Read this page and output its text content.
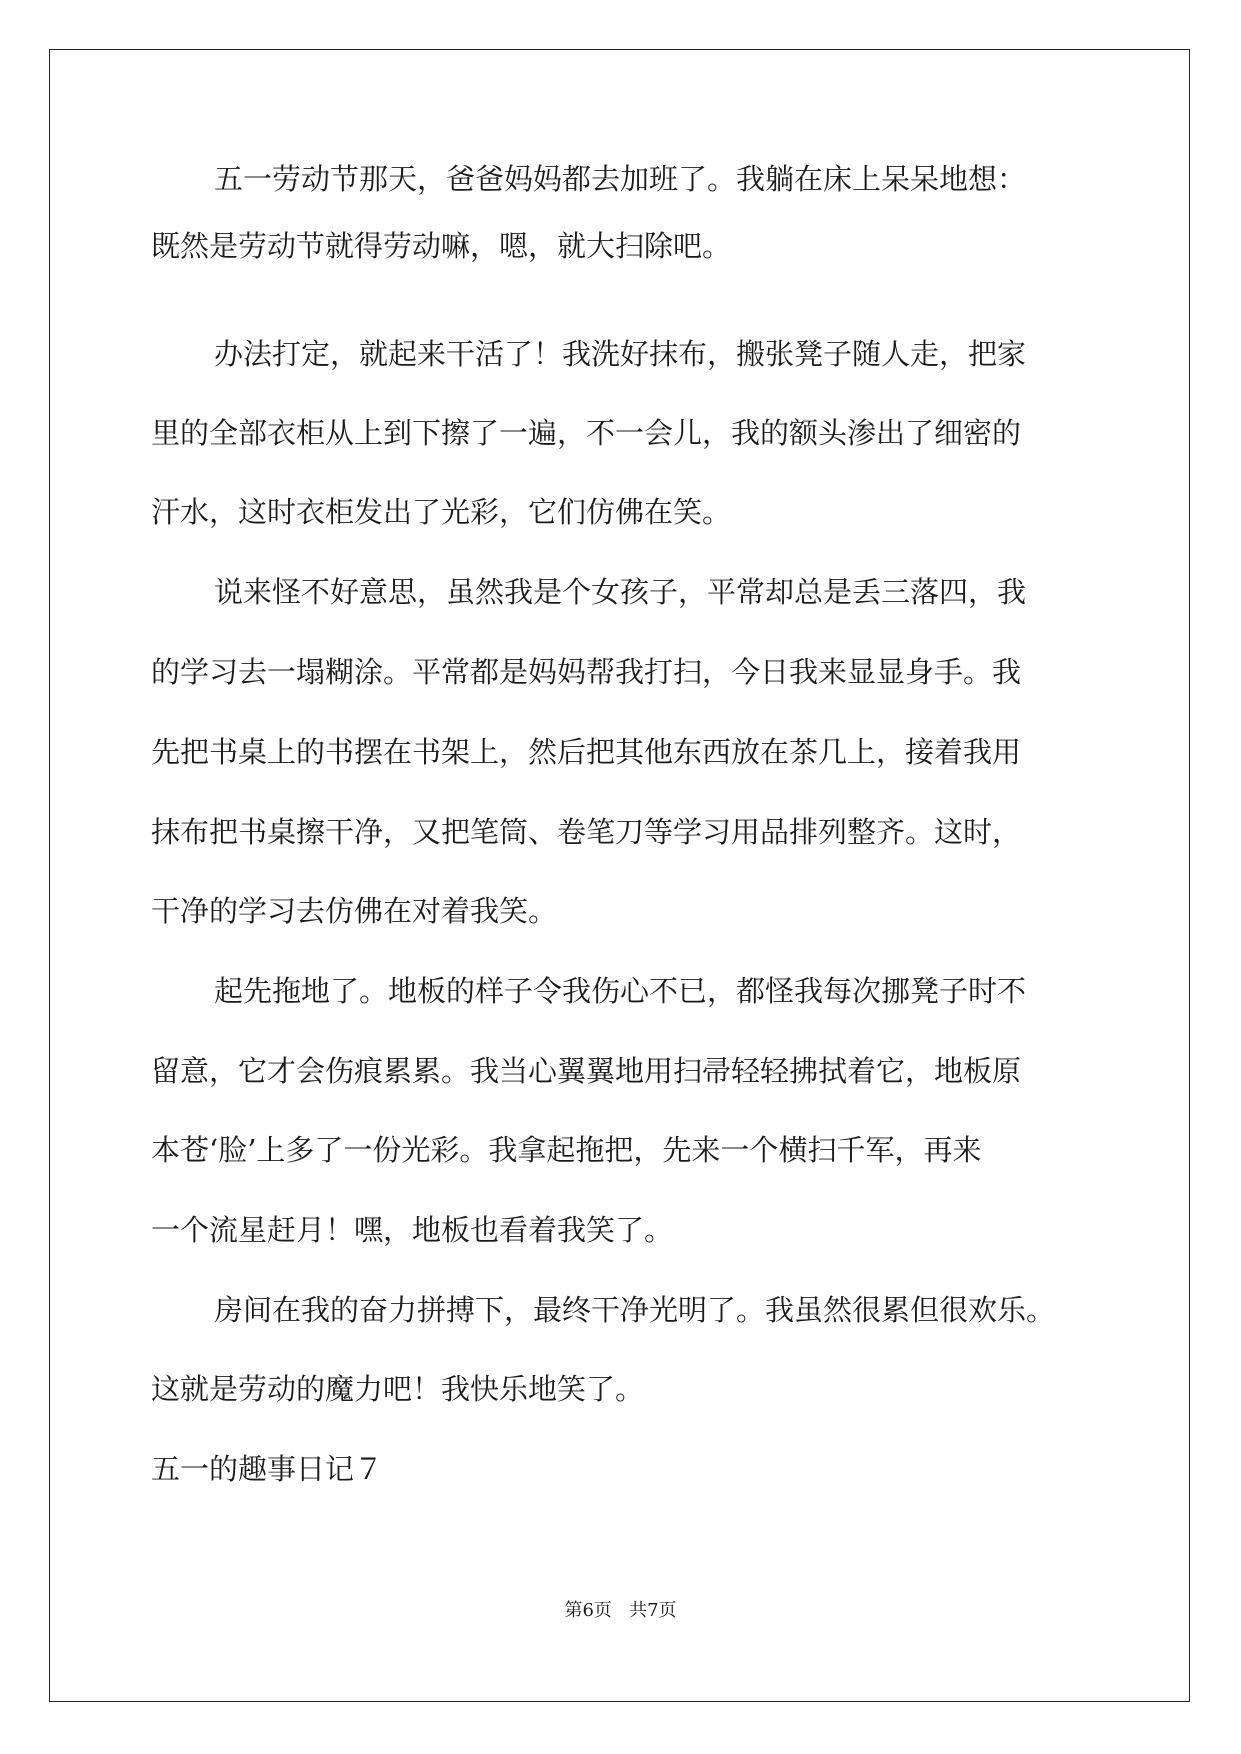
五一劳动节那天，爸爸妈妈都去加班了。我躺在床上呆呆地想：
既然是劳动节就得劳动嘛，嗯，就大扫除吧。
办法打定，就起来干活了！我洗好抹布，搬张凳子随人走，把家
里的全部衣柜从上到下擦了一遍，不一会儿，我的额头渗出了细密的
汗水，这时衣柜发出了光彩，它们仿佛在笑。
说来怪不好意思，虽然我是个女孩子，平常却总是丢三落四，我
的学习去一塌糊涂。平常都是妈妈帮我打扫，今日我来显显身手。我
先把书桌上的书摆在书架上，然后把其他东西放在茶几上，接着我用
抹布把书桌擦干净，又把笔筒、卷笔刀等学习用品排列整齐。这时，
干净的学习去仿佛在对着我笑。
起先拖地了。地板的样子令我伤心不已，都怪我每次挪凳子时不
留意，它才会伤痕累累。我当心翼翼地用扫帚轻轻拂拭着它，地板原
本苍‘脸’上多了一份光彩。我拿起拖把，先来一个横扫千军，再来
一个流星赶月！嘿，地板也看着我笑了。
房间在我的奋力拼搏下，最终干净光明了。我虽然很累但很欢乐。
这就是劳动的魔力吧！我快乐地笑了。
五一的趣事日记７
第6页 共7页
